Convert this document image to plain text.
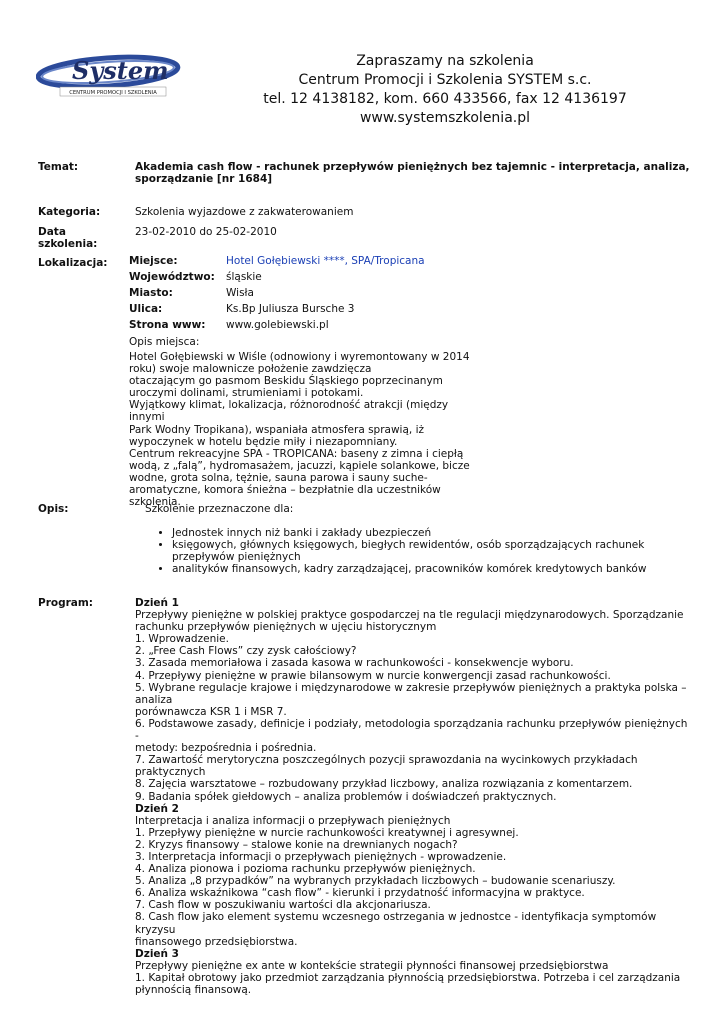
System
CENTRUM PROMOCJI I SZKOLENIA
Zapraszamy na szkolenia
Centrum Promocji i Szkolenia SYSTEM s.c.
tel. 12 4138182, kom. 660 433566, fax 12 4136197
www.systemszkolenia.pl
Temat:	Akademia cash flow - rachunek przepływów pieniężnych bez tajemnic - interpretacja, analiza, sporządzanie [nr 1684]
Kategoria:	Szkolenia wyjazdowe z zakwaterowaniem
Data
szkolenia:
23-02-2010 do 25-02-2010
Lokalizacja: Miejsce:	Hotel Gołębiewski ****, SPA/Tropicana
Województwo: śląskie
Miasto:	Wisła
Ulica:	Ks.Bp Juliusza Bursche 3
Strona www: www.golebiewski.pl
Opis miejsca:
Hotel Gołębiewski w Wiśle (odnowiony i wyremontowany w 2014
roku) swoje malownicze położenie zawdzięcza
otaczającym go pasmom Beskidu Śląskiego poprzecinanym
uroczymi dolinami, strumieniami i potokami.
Wyjątkowy klimat, lokalizacja, różnorodność atrakcji (między innymi
Park Wodny Tropikana), wspaniała atmosfera sprawią, iż
wypoczynek w hotelu będzie miły i niezapomniany.
Centrum rekreacyjne SPA - TROPICANA: baseny z zimna i ciepłą
wodą, z „falą”, hydromasażem, jacuzzi, kąpiele solankowe, bicze
wodne, grota solna, tężnie, sauna parowa i sauny suche-
aromatyczne, komora śnieżna – bezpłatnie dla uczestników
szkolenia.
Opis:	Szkolenie przeznaczone dla:
• Jednostek innych niż banki i zakłady ubezpieczeń
• księgowych, głównych księgowych, biegłych rewidentów, osób sporządzających rachunek przepływów pieniężnych
• analityków finansowych, kadry zarządzającej, pracowników komórek kredytowych banków
Program:	Dzień 1
Przepływy pieniężne w polskiej praktyce gospodarczej na tle regulacji międzynarodowych. Sporządzanie
rachunku przepływów pieniężnych w ujęciu historycznym
1. Wprowadzenie.
2. „Free Cash Flows” czy zysk całościowy?
3. Zasada memoriałowa i zasada kasowa w rachunkowości - konsekwencje wyboru.
4. Przepływy pieniężne w prawie bilansowym w nurcie konwergencji zasad rachunkowości.
5. Wybrane regulacje krajowe i międzynarodowe w zakresie przepływów pieniężnych a praktyka polska – analiza
porównawcza KSR 1 i MSR 7.
6. Podstawowe zasady, definicje i podziały, metodologia sporządzania rachunku przepływów pieniężnych -
metody: bezpośrednia i pośrednia.
7. Zawartość merytoryczna poszczególnych pozycji sprawozdania na wycinkowych przykładach praktycznych
8. Zajęcia warsztatowe – rozbudowany przykład liczbowy, analiza rozwiązania z komentarzem.
9. Badania spółek giełdowych – analiza problemów i doświadczeń praktycznych.
Dzień 2
Interpretacja i analiza informacji o przepływach pieniężnych
1. Przepływy pieniężne w nurcie rachunkowości kreatywnej i agresywnej.
2. Kryzys finansowy – stalowe konie na drewnianych nogach?
3. Interpretacja informacji o przepływach pieniężnych - wprowadzenie.
4. Analiza pionowa i pozioma rachunku przepływów pieniężnych.
5. Analiza „8 przypadków” na wybranych przykładach liczbowych – budowanie scenariuszy.
6. Analiza wskaźnikowa “cash flow” - kierunki i przydatność informacyjna w praktyce.
7. Cash flow w poszukiwaniu wartości dla akcjonariusza.
8. Cash flow jako element systemu wczesnego ostrzegania w jednostce - identyfikacja symptomów kryzysu
finansowego przedsiębiorstwa.
Dzień 3
Przepływy pieniężne ex ante w kontekście strategii płynności finansowej przedsiębiorstwa
1. Kapitał obrotowy jako przedmiot zarządzania płynnością przedsiębiorstwa. Potrzeba i cel zarządzania
płynnością finansową.
